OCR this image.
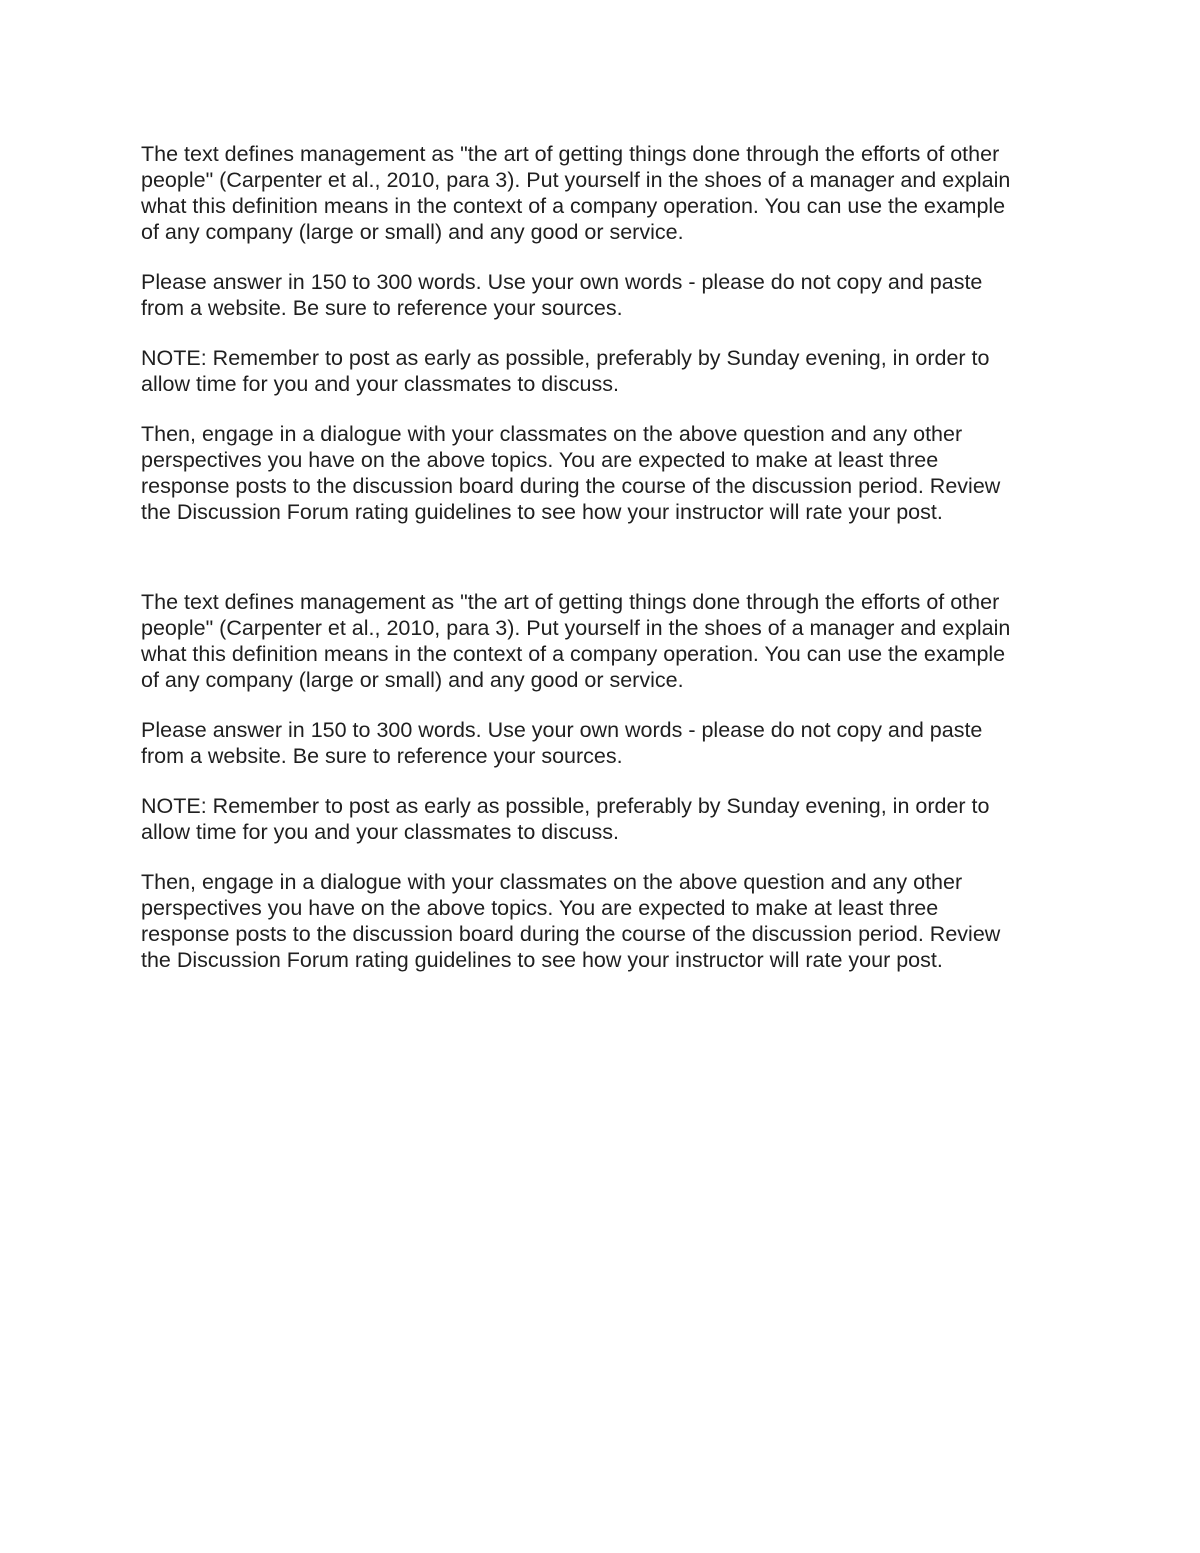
The text defines management as "the art of getting things done through the efforts of other
people" (Carpenter et al., 2010, para 3). Put yourself in the shoes of a manager and explain
what this definition means in the context of a company operation. You can use the example
of any company (large or small) and any good or service.

Please answer in 150 to 300 words. Use your own words - please do not copy and paste
from a website. Be sure to reference your sources.

NOTE: Remember to post as early as possible, preferably by Sunday evening, in order to
allow time for you and your classmates to discuss.

Then, engage in a dialogue with your classmates on the above question and any other
perspectives you have on the above topics. You are expected to make at least three
response posts to the discussion board during the course of the discussion period. Review
the Discussion Forum rating guidelines to see how your instructor will rate your post.

The text defines management as "the art of getting things done through the efforts of other
people" (Carpenter et al., 2010, para 3). Put yourself in the shoes of a manager and explain
what this definition means in the context of a company operation. You can use the example
of any company (large or small) and any good or service.

Please answer in 150 to 300 words. Use your own words - please do not copy and paste
from a website. Be sure to reference your sources.

NOTE: Remember to post as early as possible, preferably by Sunday evening, in order to
allow time for you and your classmates to discuss.

Then, engage in a dialogue with your classmates on the above question and any other
perspectives you have on the above topics. You are expected to make at least three
response posts to the discussion board during the course of the discussion period. Review
the Discussion Forum rating guidelines to see how your instructor will rate your post.
